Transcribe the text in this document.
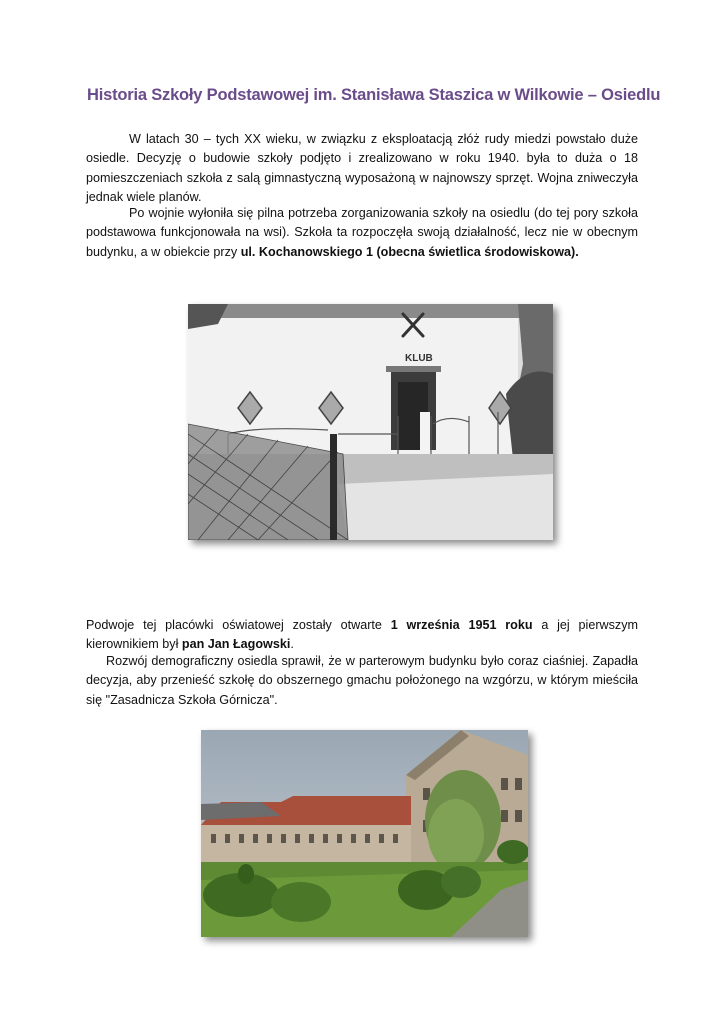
Historia Szkoły Podstawowej im. Stanisława Staszica w Wilkowie – Osiedlu

W latach 30 – tych XX wieku, w związku z eksploatacją złóż rudy miedzi powstało duże osiedle. Decyzję o budowie szkoły podjęto i zrealizowano w roku 1940. była to duża o 18 pomieszczeniach szkoła z salą gimnastyczną wyposażoną w najnowszy sprzęt. Wojna zniweczyła jednak wiele planów.

Po wojnie wyłoniła się pilna potrzeba zorganizowania szkoły na osiedlu (do tej pory szkoła podstawowa funkcjonowała na wsi). Szkoła ta rozpoczęła swoją działalność, lecz nie w obecnym budynku, a w obiekcie przy ul. Kochanowskiego 1 (obecna świetlica środowiskowa).

KLUB

Podwoje tej placówki oświatowej zostały otwarte 1 września 1951 roku a jej pierwszym kierownikiem był pan Jan Łagowski.

Rozwój demograficzny osiedla sprawił, że w parterowym budynku było coraz ciaśniej. Zapadła decyzja, aby przenieść szkołę do obszernego gmachu położonego na wzgórzu, w którym mieściła się "Zasadnicza Szkoła Górnicza".
